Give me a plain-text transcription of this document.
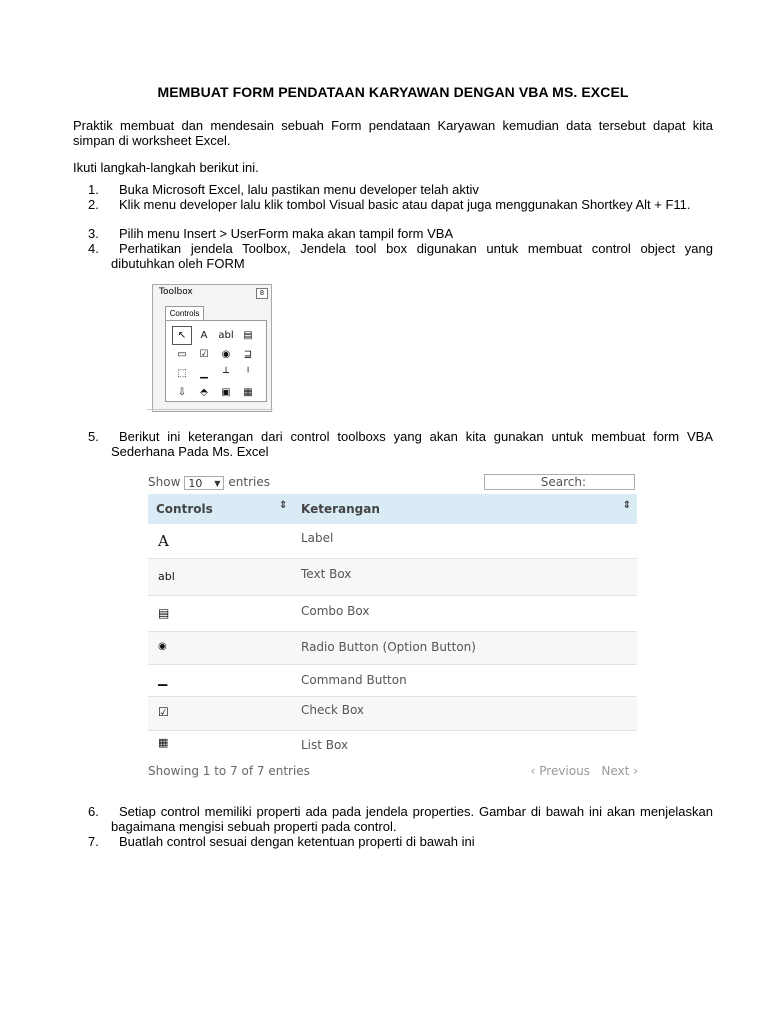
MEMBUAT FORM PENDATAAN KARYAWAN DENGAN VBA MS. EXCEL
Praktik membuat dan mendesain sebuah Form pendataan Karyawan kemudian data tersebut dapat kita simpan di worksheet Excel.
Ikuti langkah-langkah berikut ini.
1.	Buka Microsoft Excel, lalu pastikan menu developer telah aktiv
2.	Klik menu developer lalu klik tombol Visual basic atau dapat juga menggunakan Shortkey Alt + F11.
3.	Pilih menu Insert > UserForm maka akan tampil form VBA
4.	Perhatikan jendela Toolbox, Jendela tool box digunakan untuk membuat control object yang dibutuhkan oleh FORM
Toolbox	8
Controls
↖	A	abl ▤
▭	☑	◉	⊒
⬚	▁	┴	╵
⇩	⬘	▣	▦
5.	Berikut ini keterangan dari control toolboxs yang akan kita gunakan untuk membuat form VBA Sederhana Pada Ms. Excel
Show 10 ▼ entries	Search:
Controls	⇕ Keterangan	⇕
A	Label
abl	Text Box
▤	Combo Box
◉	Radio Button (Option Button)
▁	Command Button
☑	Check Box
▦	List Box
Showing 1 to 7 of 7 entries	‹ Previous Next ›
6.	Setiap control memiliki properti ada pada jendela properties. Gambar di bawah ini akan menjelaskan bagaimana mengisi sebuah properti pada control.
7.	Buatlah control sesuai dengan ketentuan properti di bawah ini
